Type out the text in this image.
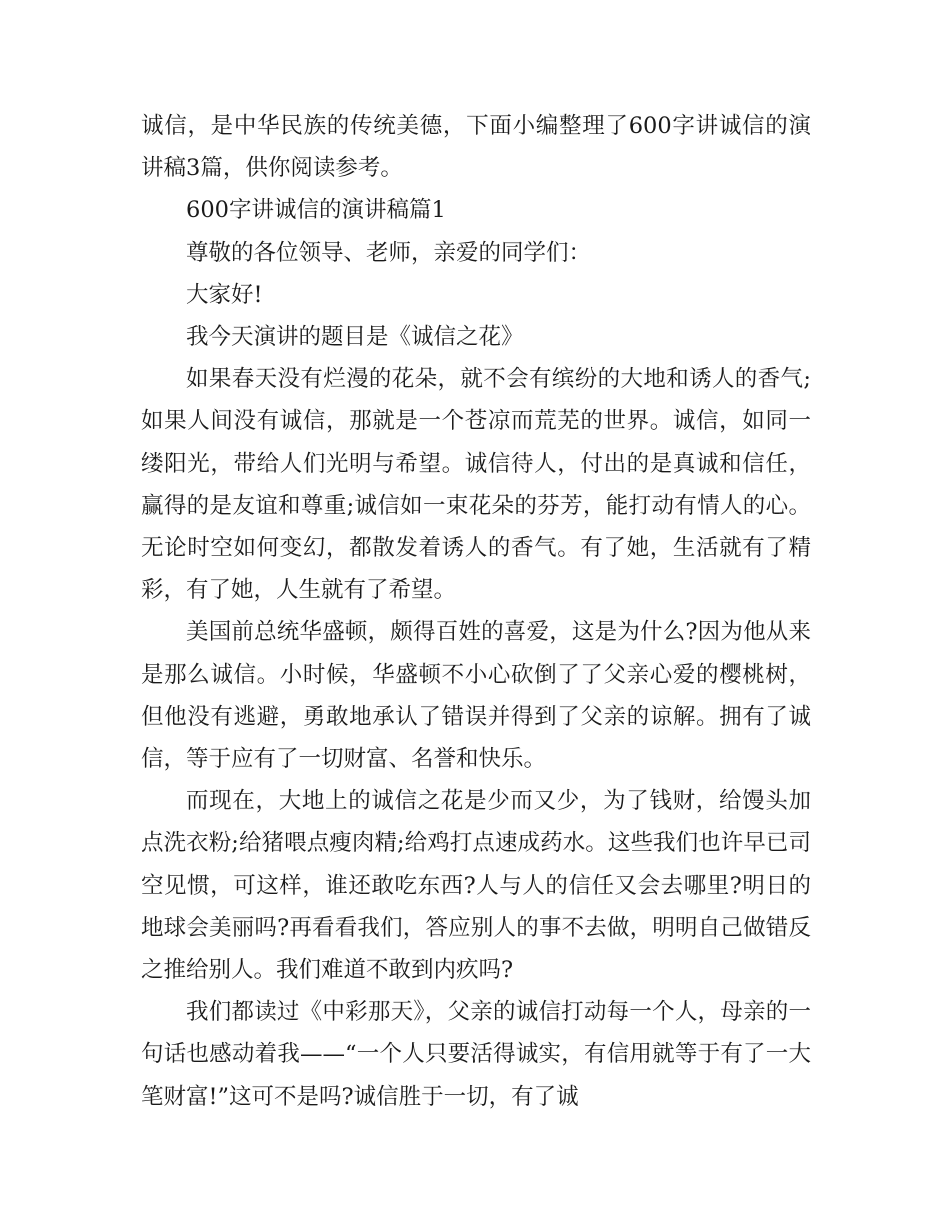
诚信，是中华民族的传统美德，下面小编整理了600字讲诚信的演讲稿3篇，供你阅读参考。

600字讲诚信的演讲稿篇1

尊敬的各位领导、老师，亲爱的同学们：

大家好!

我今天演讲的题目是《诚信之花》

如果春天没有烂漫的花朵，就不会有缤纷的大地和诱人的香气;如果人间没有诚信，那就是一个苍凉而荒芜的世界。诚信，如同一缕阳光，带给人们光明与希望。诚信待人，付出的是真诚和信任，赢得的是友谊和尊重;诚信如一束花朵的芬芳，能打动有情人的心。无论时空如何变幻，都散发着诱人的香气。有了她，生活就有了精彩，有了她，人生就有了希望。

美国前总统华盛顿，颇得百姓的喜爱，这是为什么?因为他从来是那么诚信。小时候，华盛顿不小心砍倒了了父亲心爱的樱桃树，但他没有逃避，勇敢地承认了错误并得到了父亲的谅解。拥有了诚信，等于应有了一切财富、名誉和快乐。

而现在，大地上的诚信之花是少而又少，为了钱财，给馒头加点洗衣粉;给猪喂点瘦肉精;给鸡打点速成药水。这些我们也许早已司空见惯，可这样，谁还敢吃东西?人与人的信任又会去哪里?明日的地球会美丽吗?再看看我们，答应别人的事不去做，明明自己做错反之推给别人。我们难道不敢到内疚吗?

我们都读过《中彩那天》，父亲的诚信打动每一个人，母亲的一句话也感动着我——“一个人只要活得诚实，有信用就等于有了一大笔财富!”这可不是吗?诚信胜于一切，有了诚
